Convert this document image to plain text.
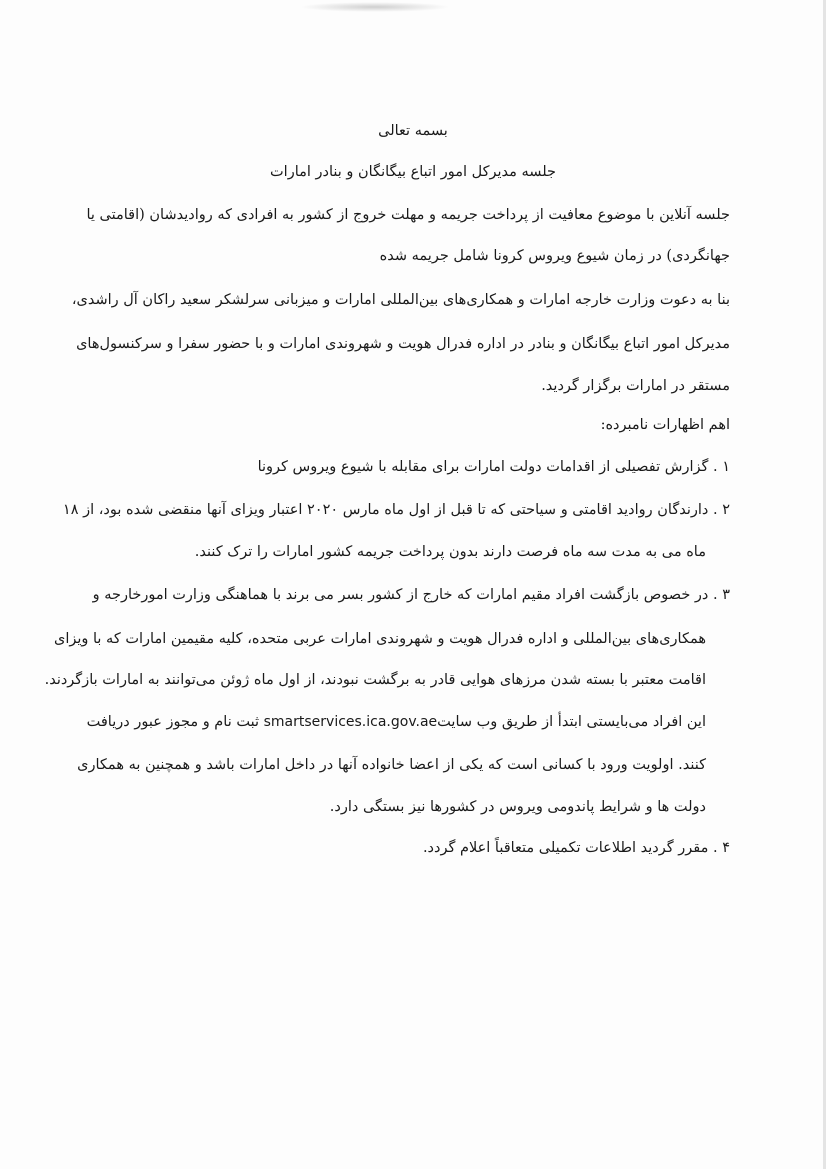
بسمه تعالی
جلسه مدیرکل امور اتباع بیگانگان و بنادر امارات
جلسه آنلاین با موضوع معافیت از پرداخت جریمه و مهلت خروج از کشور به افرادی که روادیدشان (اقامتی یا
جهانگردی) در زمان شیوع ویروس کرونا شامل جریمه شده
بنا به دعوت وزارت خارجه امارات و همکاری‌های بین‌المللی امارات و میزبانی سرلشکر سعید راکان آل راشدی،
مدیرکل امور اتباع بیگانگان و بنادر در اداره فدرال هویت و شهروندی امارات و با حضور سفرا و سرکنسول‌های
مستقر در امارات برگزار گردید.
اهم اظهارات نامبرده:
۱ . گزارش تفصیلی از اقدامات دولت امارات برای مقابله با شیوع ویروس کرونا
۲ . دارندگان روادید اقامتی و سیاحتی که تا قبل از اول ماه مارس ۲۰۲۰ اعتبار ویزای آنها منقضی شده بود، از ۱۸
ماه می به مدت سه ماه فرصت دارند بدون پرداخت جریمه کشور امارات را ترک کنند.
۳ . در خصوص بازگشت افراد مقیم امارات که خارج از کشور بسر می برند با هماهنگی وزارت امورخارجه و
همکاری‌های بین‌المللی و اداره فدرال هویت و شهروندی امارات عربی متحده، کلیه مقیمین امارات که با ویزای
اقامت معتبر با بسته شدن مرزهای هوایی قادر به برگشت نبودند، از اول ماه ژوئن می‌توانند به امارات بازگردند.
این افراد می‌بایستی ابتدأ از طریق وب سایتsmartservices.ica.gov.ae ثبت نام و مجوز عبور دریافت
کنند. اولویت ورود با کسانی است که یکی از اعضا خانواده آنها در داخل امارات باشد و همچنین به همکاری
دولت ها و شرایط پاندومی ویروس در کشورها نیز بستگی دارد.
۴ . مقرر گردید اطلاعات تکمیلی متعاقباً اعلام گردد.
